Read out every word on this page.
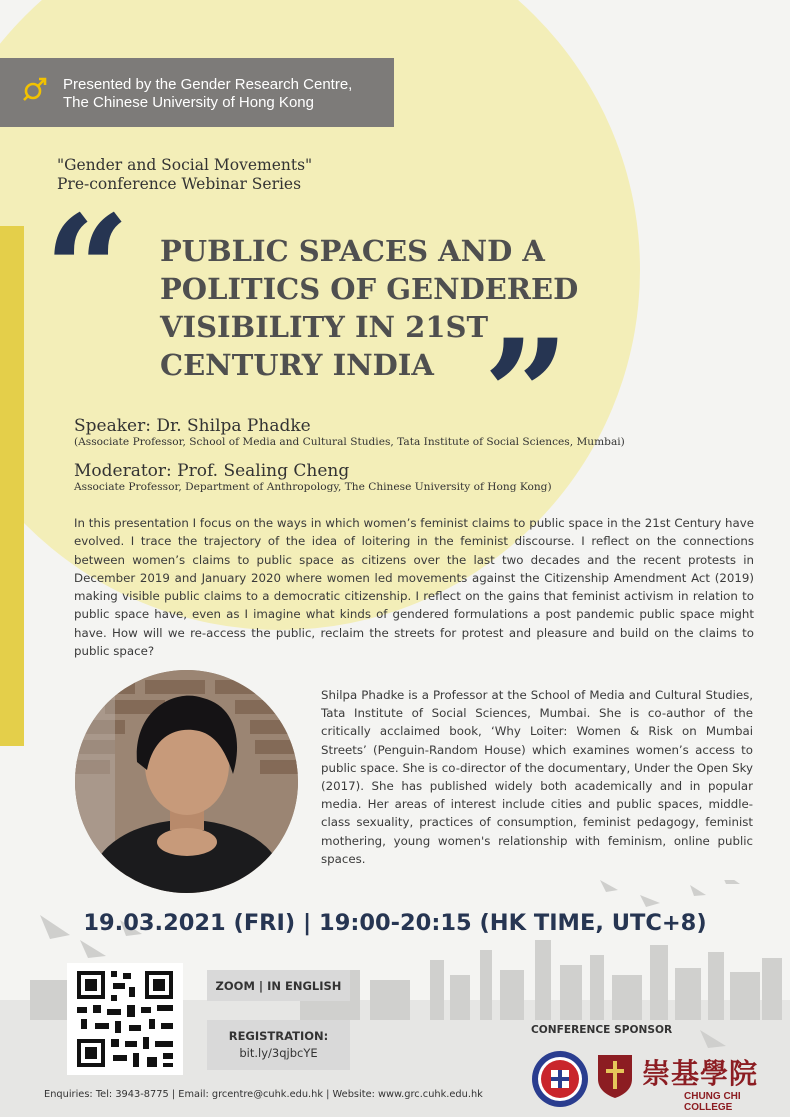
Presented by the Gender Research Centre,
The Chinese University of Hong Kong
"Gender and Social Movements"
Pre-conference Webinar Series
“ PUBLIC SPACES AND A
POLITICS OF GENDERED
VISIBILITY IN 21ST
CENTURY INDIA ”
Speaker: Dr. Shilpa Phadke
(Associate Professor, School of Media and Cultural Studies, Tata Institute of Social Sciences, Mumbai)
Moderator: Prof. Sealing Cheng
Associate Professor, Department of Anthropology, The Chinese University of Hong Kong)
In this presentation I focus on the ways in which women’s feminist claims to public space in the 21st Century have evolved. I trace the trajectory of the idea of loitering in the feminist discourse. I reflect on the connections between women’s claims to public space as citizens over the last two decades and the recent protests in December 2019 and January 2020 where women led movements against the Citizenship Amendment Act (2019) making visible public claims to a democratic citizenship. I reflect on the gains that feminist activism in relation to public space have, even as I imagine what kinds of gendered formulations a post pandemic public space might have. How will we re-access the public, reclaim the streets for protest and pleasure and build on the claims to public space?
Shilpa Phadke is a Professor at the School of Media and Cultural Studies, Tata Institute of Social Sciences, Mumbai. She is co-author of the critically acclaimed book, ‘Why Loiter: Women & Risk on Mumbai Streets’ (Penguin-Random House) which examines women’s access to public space. She is co-director of the documentary, Under the Open Sky (2017). She has published widely both academically and in popular media. Her areas of interest include cities and public spaces, middle-class sexuality, practices of consumption, feminist pedagogy, feminist mothering, young women's relationship with feminism, online public spaces.
19.03.2021 (FRI) | 19:00-20:15 (HK TIME, UTC+8)
ZOOM | IN ENGLISH
REGISTRATION:
bit.ly/3qjbcYE
CONFERENCE SPONSOR
崇基學院
CHUNG CHI COLLEGE
Enquiries: Tel: 3943-8775 | Email: grcentre@cuhk.edu.hk | Website: www.grc.cuhk.edu.hk
